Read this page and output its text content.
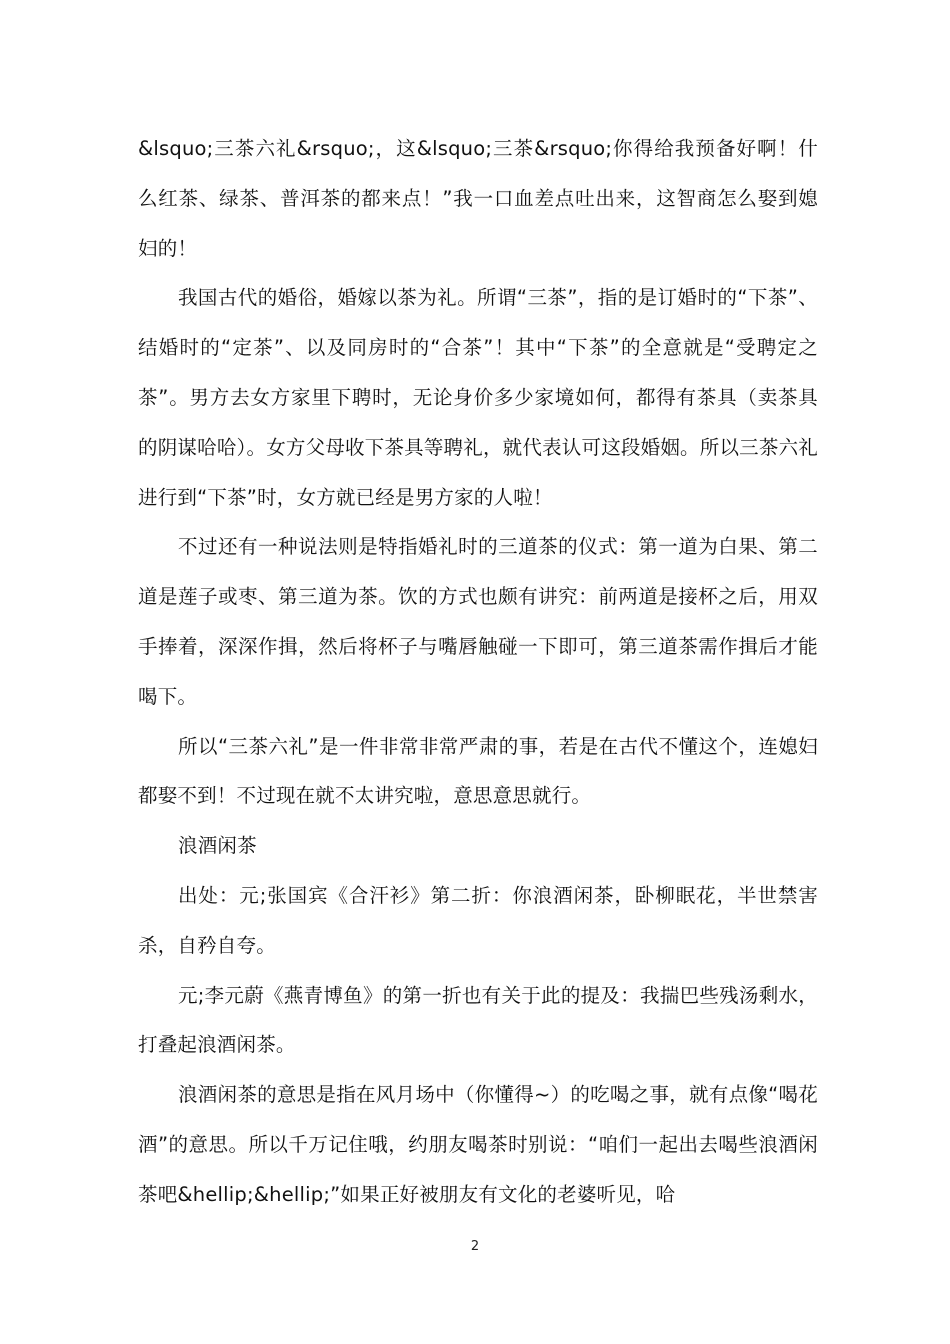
&lsquo;三茶六礼&rsquo;，这&lsquo;三茶&rsquo;你得给我预备好啊！什么红茶、绿茶、普洱茶的都来点！”我一口血差点吐出来，这智商怎么娶到媳妇的！

我国古代的婚俗，婚嫁以茶为礼。所谓“三茶”，指的是订婚时的“下茶”、结婚时的“定茶”、以及同房时的“合茶”！其中“下茶”的全意就是“受聘定之茶”。男方去女方家里下聘时，无论身价多少家境如何，都得有茶具（卖茶具的阴谋哈哈）。女方父母收下茶具等聘礼，就代表认可这段婚姻。所以三茶六礼进行到“下茶”时，女方就已经是男方家的人啦！

不过还有一种说法则是特指婚礼时的三道茶的仪式：第一道为白果、第二道是莲子或枣、第三道为茶。饮的方式也颇有讲究：前两道是接杯之后，用双手捧着，深深作揖，然后将杯子与嘴唇触碰一下即可，第三道茶需作揖后才能喝下。

所以“三茶六礼”是一件非常非常严肃的事，若是在古代不懂这个，连媳妇都娶不到！不过现在就不太讲究啦，意思意思就行。

浪酒闲茶

出处：元;张国宾《合汗衫》第二折：你浪酒闲茶，卧柳眠花，半世禁害杀，自矜自夸。

元;李元蔚《燕青博鱼》的第一折也有关于此的提及：我揣巴些残汤剩水，打叠起浪酒闲茶。

浪酒闲茶的意思是指在风月场中（你懂得~）的吃喝之事，就有点像“喝花酒”的意思。所以千万记住哦，约朋友喝茶时别说：“咱们一起出去喝些浪酒闲茶吧&hellip;&hellip;”如果正好被朋友有文化的老婆听见，哈

2
